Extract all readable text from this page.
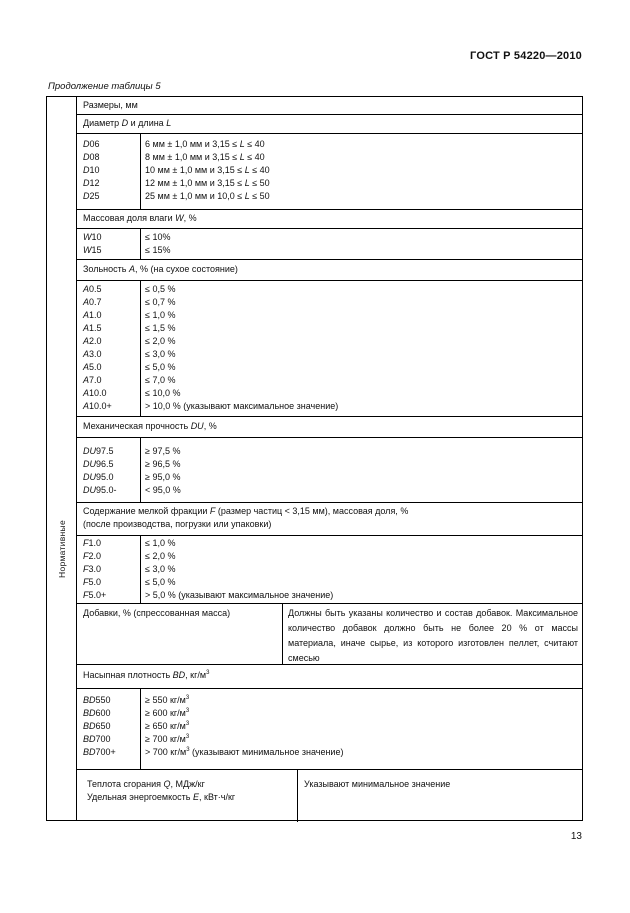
ГОСТ Р 54220—2010
Продолжение таблицы 5
Нормативные
Размеры, мм
Диаметр D и длина L
D06
D08
D10
D12
D25
6 мм ± 1,0 мм и 3,15 ≤ L ≤ 40
8 мм ± 1,0 мм и 3,15 ≤ L ≤ 40
10 мм ± 1,0 мм и 3,15 ≤ L ≤ 40
12 мм ± 1,0 мм и 3,15 ≤ L ≤ 50
25 мм ± 1,0 мм и 10,0 ≤ L ≤ 50
Массовая доля влаги W, %
W10
W15
≤ 10%
≤ 15%
Зольность A, % (на сухое состояние)
A0.5
A0.7
A1.0
A1.5
A2.0
A3.0
A5.0
A7.0
A10.0
A10.0+
≤ 0,5 %
≤ 0,7 %
≤ 1,0 %
≤ 1,5 %
≤ 2,0 %
≤ 3,0 %
≤ 5,0 %
≤ 7,0 %
≤ 10,0 %
> 10,0 % (указывают максимальное значение)
Механическая прочность DU, %
DU97.5
DU96.5
DU95.0
DU95.0-
≥ 97,5 %
≥ 96,5 %
≥ 95,0 %
< 95,0 %
Содержание мелкой фракции F (размер частиц < 3,15 мм), массовая доля, %
(после производства, погрузки или упаковки)
F1.0
F2.0
F3.0
F5.0
F5.0+
≤ 1,0 %
≤ 2,0 %
≤ 3,0 %
≤ 5,0 %
> 5,0 % (указывают максимальное значение)
Добавки, % (спрессованная масса)	Должны быть указаны количество и состав добавок. Максимальное количество добавок должно быть не более 20 % от массы материала, иначе сырье, из которого изготовлен пеллет, считают смесью
Насыпная плотность BD, $кг/м^3$
BD550
BD600
BD650
BD700
BD700+
≥ 550 $кг/м^3$
≥ 600 $кг/м^3$
≥ 650 $кг/м^3$
≥ 700 $кг/м^3$
> 700 $кг/м^3$ (указывают минимальное значение)
Теплота сгорания Q, МДж/кг
Удельная энергоемкость E, кВт·ч/кг
Указывают минимальное значение
13
